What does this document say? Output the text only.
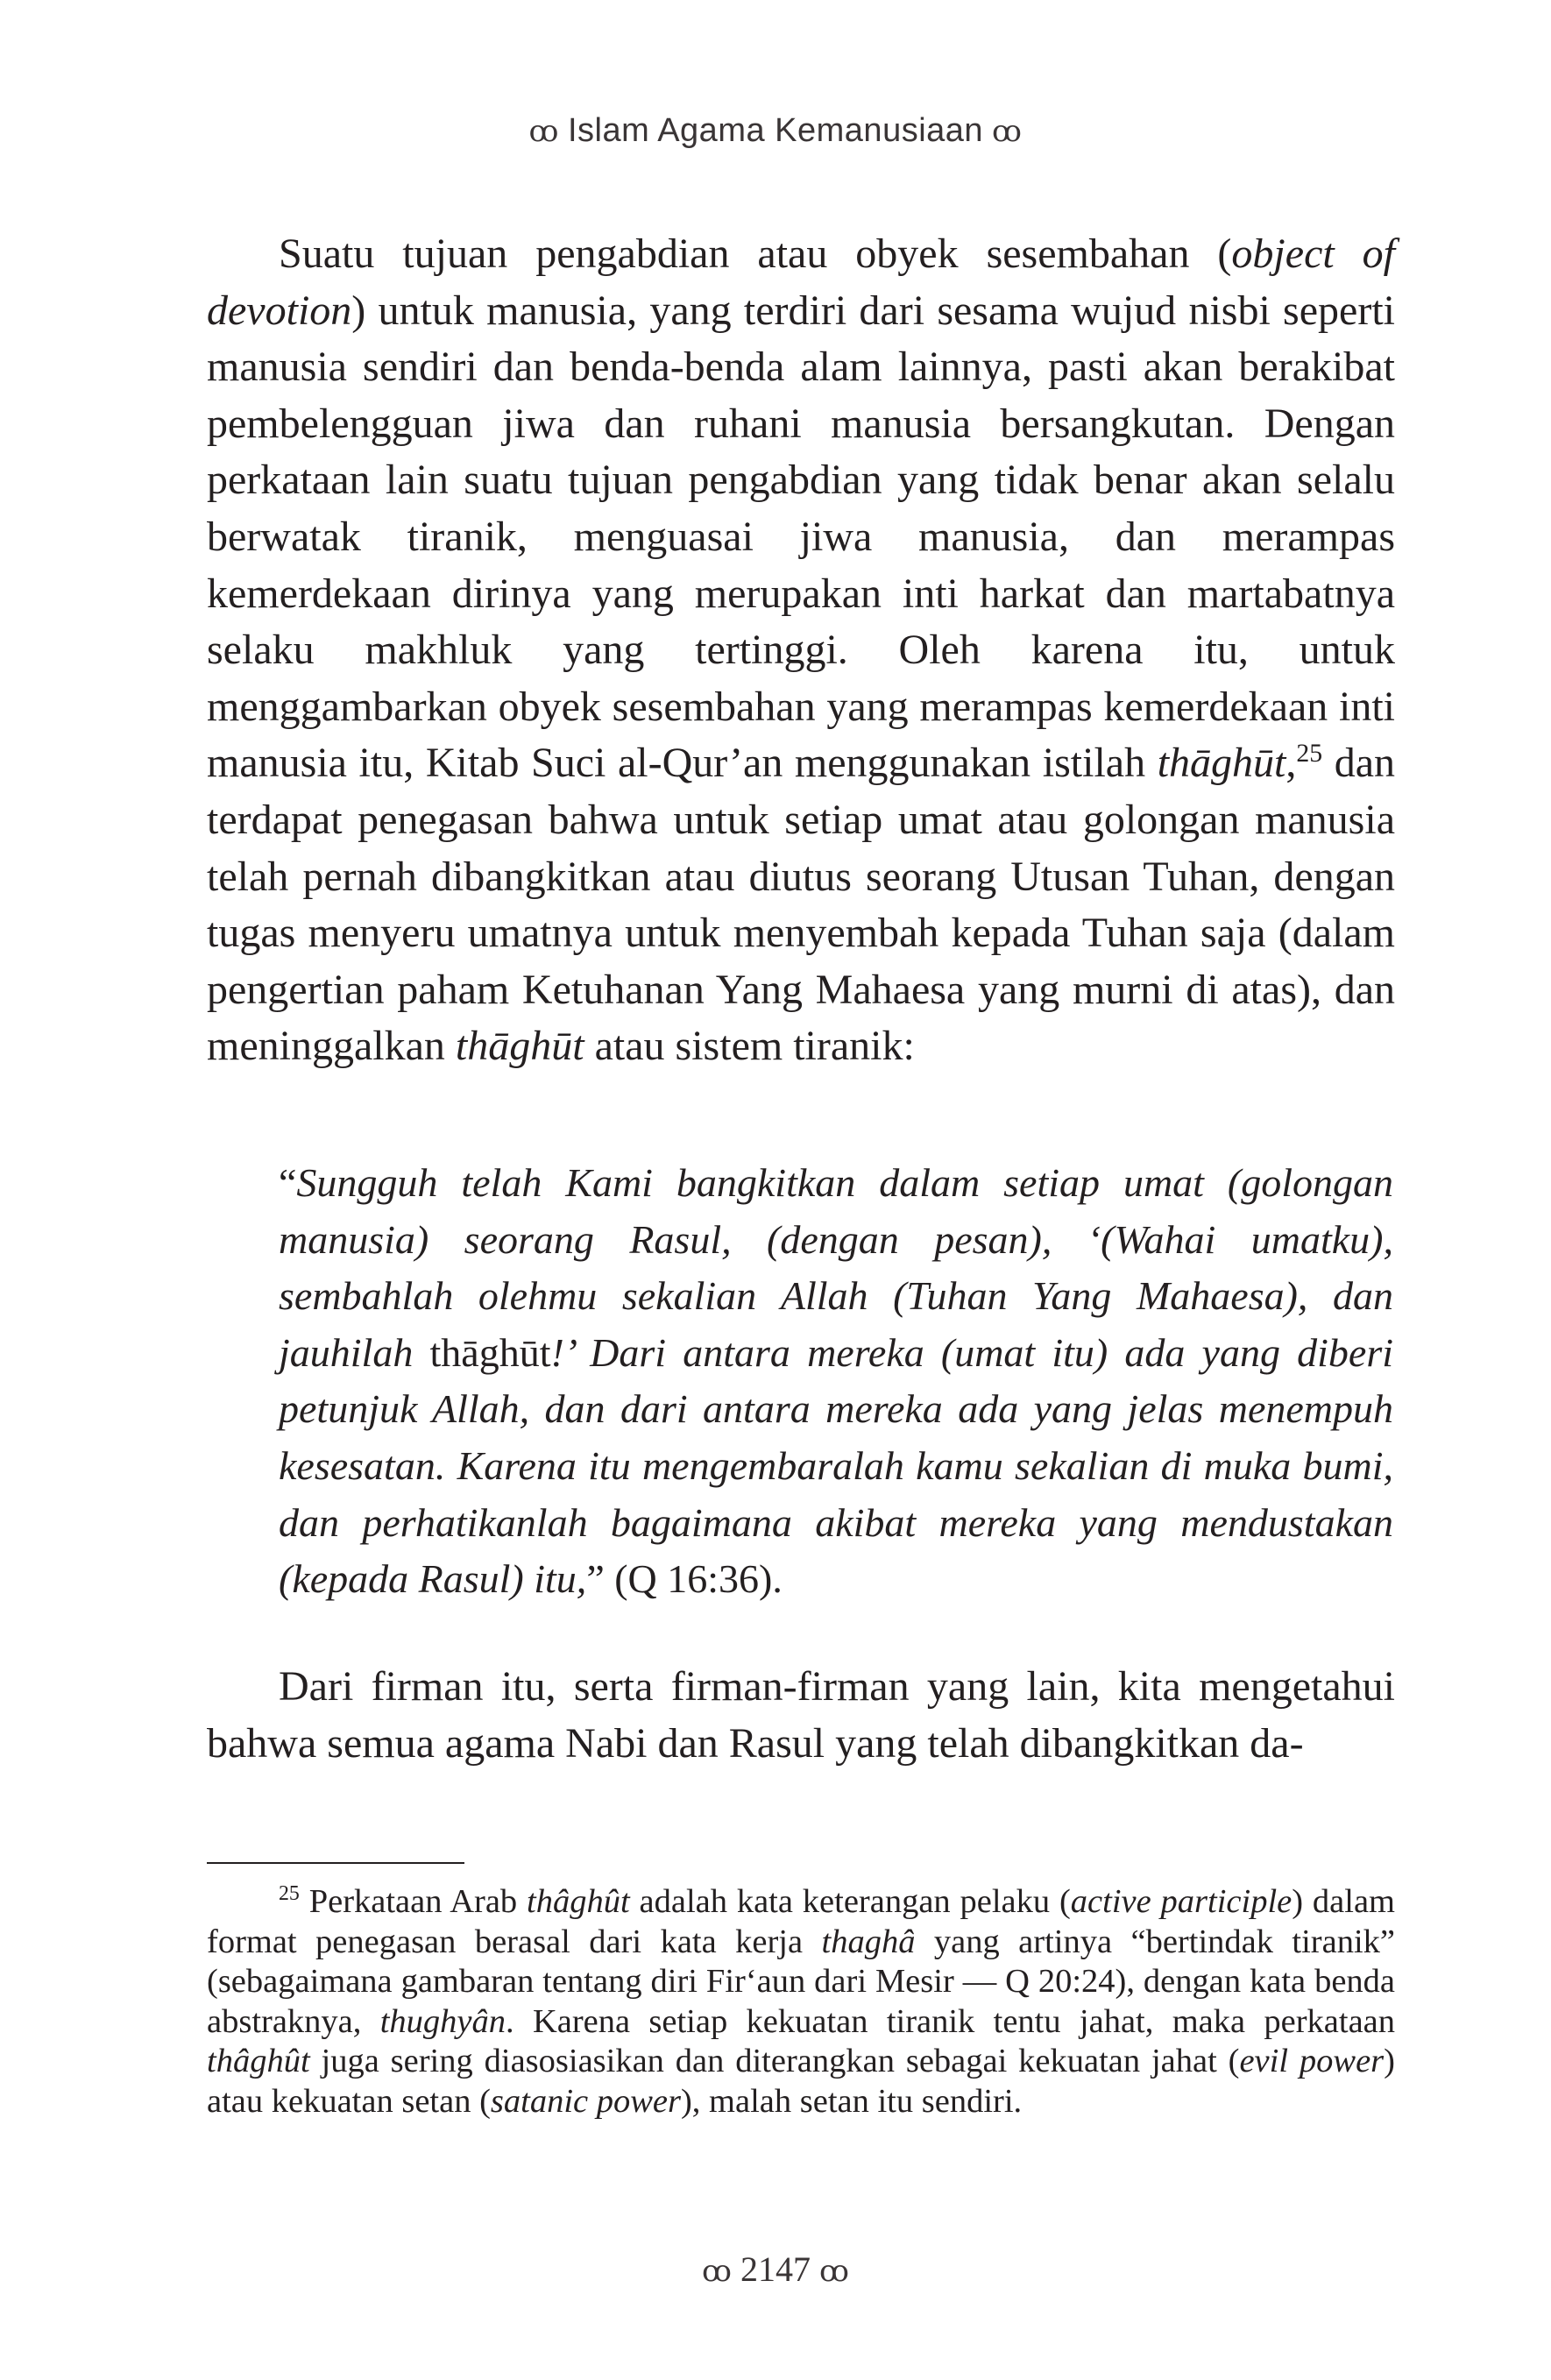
ꝏ Islam Agama Kemanusiaan ꝏ

Suatu tujuan pengabdian atau obyek sesembahan (object of devotion) untuk manusia, yang terdiri dari sesama wujud nisbi seperti manusia sendiri dan benda-benda alam lainnya, pasti akan berakibat pembelengguan jiwa dan ruhani manusia bersangkutan. Dengan perkataan lain suatu tujuan pengabdian yang tidak benar akan selalu berwatak tiranik, menguasai jiwa manusia, dan merampas kemerdekaan dirinya yang merupakan inti harkat dan martabatnya selaku makhluk yang tertinggi. Oleh karena itu, untuk menggambarkan obyek sesembahan yang merampas kemerdekaan inti manusia itu, Kitab Suci al-Qur’an menggunakan istilah thāghūt,$^{25}$ dan terdapat penegasan bahwa untuk setiap umat atau golongan manusia telah pernah dibangkitkan atau diutus seorang Utusan Tuhan, dengan tugas menyeru umatnya untuk menyembah kepada Tuhan saja (dalam pengertian paham Ketuhanan Yang Mahaesa yang murni di atas), dan meninggalkan thāghūt atau sistem tiranik:

“Sungguh telah Kami bangkitkan dalam setiap umat (golongan manusia) seorang Rasul, (dengan pesan), ‘(Wahai umatku), sembahlah olehmu sekalian Allah (Tuhan Yang Mahaesa), dan jauhilah thāghūt!’ Dari antara mereka (umat itu) ada yang diberi petunjuk Allah, dan dari antara mereka ada yang jelas menempuh kesesatan. Karena itu mengembaralah kamu sekalian di muka bumi, dan perhatikanlah bagaimana akibat mereka yang mendustakan (kepada Rasul) itu,” (Q 16:36).

Dari firman itu, serta firman-firman yang lain, kita mengetahui bahwa semua agama Nabi dan Rasul yang telah dibangkitkan da-

$^{25}$ Perkataan Arab thâghût adalah kata keterangan pelaku (active participle) dalam format penegasan berasal dari kata kerja thaghâ yang artinya “bertindak tiranik” (sebagaimana gambaran tentang diri Fir‘aun dari Mesir — Q 20:24), dengan kata benda abstraknya, thughyân. Karena setiap kekuatan tiranik tentu jahat, maka perkataan thâghût juga sering diasosiasikan dan diterangkan sebagai kekuatan jahat (evil power) atau kekuatan setan (satanic power), malah setan itu sendiri.

ꝏ 2147 ꝏ
